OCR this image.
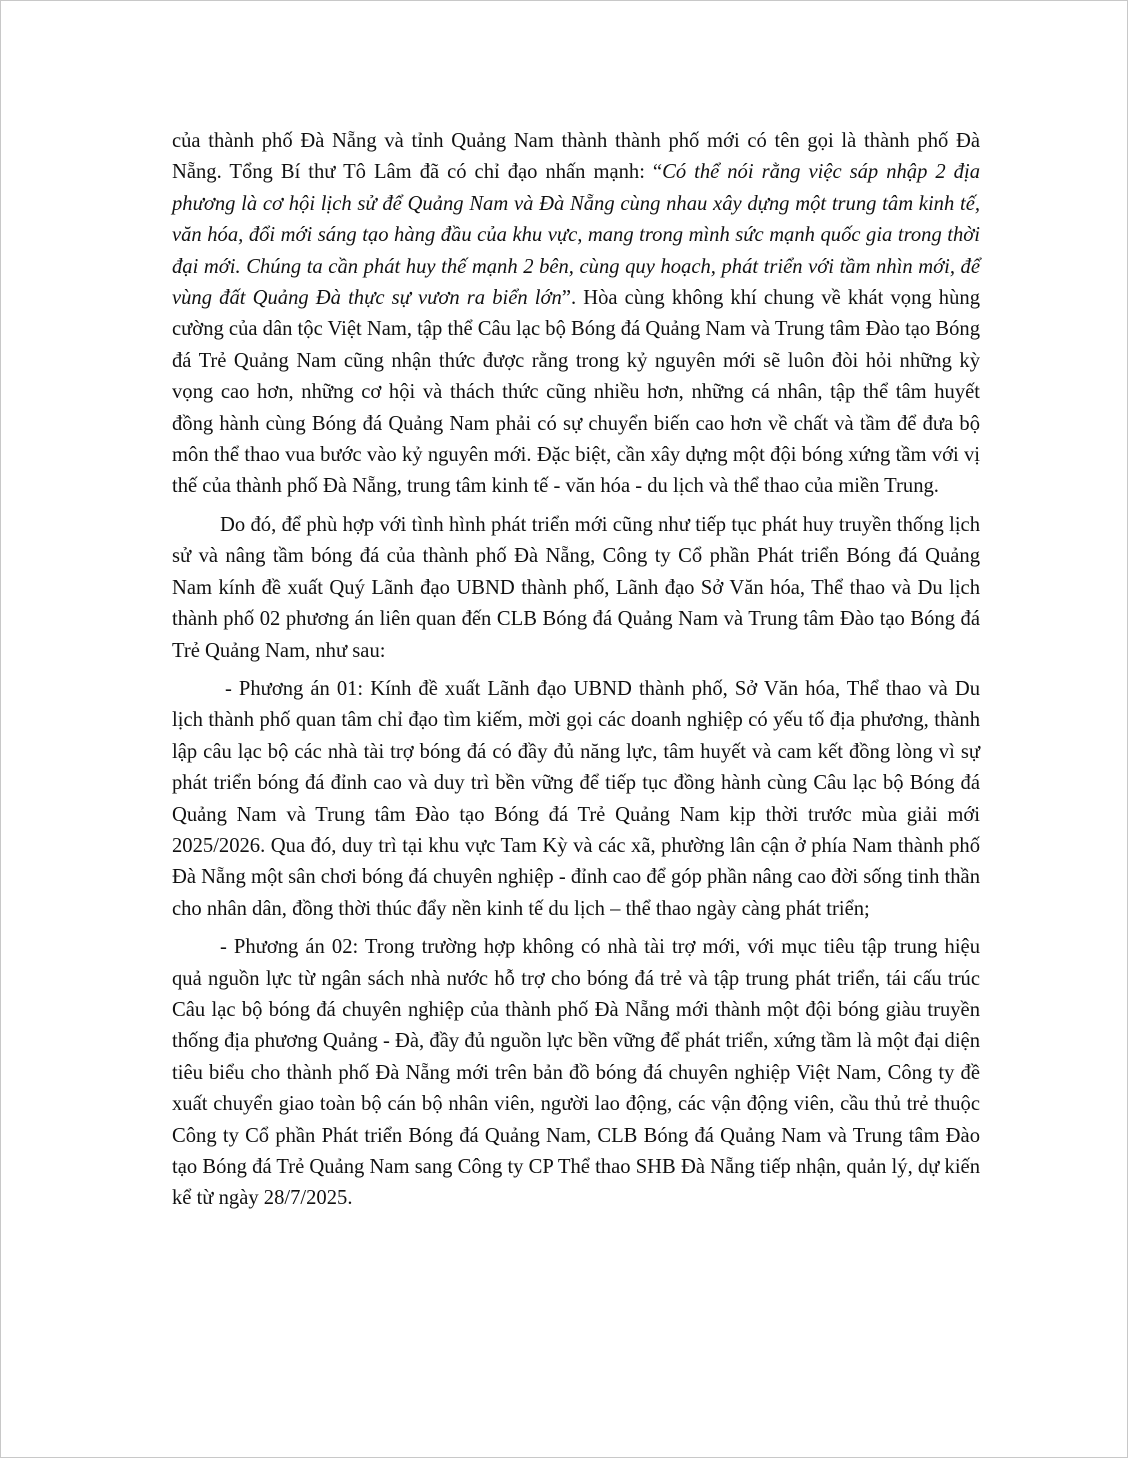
của thành phố Đà Nẵng và tỉnh Quảng Nam thành thành phố mới có tên gọi là thành phố Đà Nẵng. Tổng Bí thư Tô Lâm đã có chỉ đạo nhấn mạnh: “Có thể nói rằng việc sáp nhập 2 địa phương là cơ hội lịch sử để Quảng Nam và Đà Nẵng cùng nhau xây dựng một trung tâm kinh tế, văn hóa, đổi mới sáng tạo hàng đầu của khu vực, mang trong mình sức mạnh quốc gia trong thời đại mới. Chúng ta cần phát huy thế mạnh 2 bên, cùng quy hoạch, phát triển với tầm nhìn mới, để vùng đất Quảng Đà thực sự vươn ra biển lớn”. Hòa cùng không khí chung về khát vọng hùng cường của dân tộc Việt Nam, tập thể Câu lạc bộ Bóng đá Quảng Nam và Trung tâm Đào tạo Bóng đá Trẻ Quảng Nam cũng nhận thức được rằng trong kỷ nguyên mới sẽ luôn đòi hỏi những kỳ vọng cao hơn, những cơ hội và thách thức cũng nhiều hơn, những cá nhân, tập thể tâm huyết đồng hành cùng Bóng đá Quảng Nam phải có sự chuyển biến cao hơn về chất và tầm để đưa bộ môn thể thao vua bước vào kỷ nguyên mới. Đặc biệt, cần xây dựng một đội bóng xứng tầm với vị thế của thành phố Đà Nẵng, trung tâm kinh tế - văn hóa - du lịch và thể thao của miền Trung.

Do đó, để phù hợp với tình hình phát triển mới cũng như tiếp tục phát huy truyền thống lịch sử và nâng tầm bóng đá của thành phố Đà Nẵng, Công ty Cổ phần Phát triển Bóng đá Quảng Nam kính đề xuất Quý Lãnh đạo UBND thành phố, Lãnh đạo Sở Văn hóa, Thể thao và Du lịch thành phố 02 phương án liên quan đến CLB Bóng đá Quảng Nam và Trung tâm Đào tạo Bóng đá Trẻ Quảng Nam, như sau:

- Phương án 01: Kính đề xuất Lãnh đạo UBND thành phố, Sở Văn hóa, Thể thao và Du lịch thành phố quan tâm chỉ đạo tìm kiếm, mời gọi các doanh nghiệp có yếu tố địa phương, thành lập câu lạc bộ các nhà tài trợ bóng đá có đầy đủ năng lực, tâm huyết và cam kết đồng lòng vì sự phát triển bóng đá đỉnh cao và duy trì bền vững để tiếp tục đồng hành cùng Câu lạc bộ Bóng đá Quảng Nam và Trung tâm Đào tạo Bóng đá Trẻ Quảng Nam kịp thời trước mùa giải mới 2025/2026. Qua đó, duy trì tại khu vực Tam Kỳ và các xã, phường lân cận ở phía Nam thành phố Đà Nẵng một sân chơi bóng đá chuyên nghiệp - đỉnh cao để góp phần nâng cao đời sống tinh thần cho nhân dân, đồng thời thúc đẩy nền kinh tế du lịch – thể thao ngày càng phát triển;

- Phương án 02: Trong trường hợp không có nhà tài trợ mới, với mục tiêu tập trung hiệu quả nguồn lực từ ngân sách nhà nước hỗ trợ cho bóng đá trẻ và tập trung phát triển, tái cấu trúc Câu lạc bộ bóng đá chuyên nghiệp của thành phố Đà Nẵng mới thành một đội bóng giàu truyền thống địa phương Quảng - Đà, đầy đủ nguồn lực bền vững để phát triển, xứng tầm là một đại diện tiêu biểu cho thành phố Đà Nẵng mới trên bản đồ bóng đá chuyên nghiệp Việt Nam, Công ty đề xuất chuyển giao toàn bộ cán bộ nhân viên, người lao động, các vận động viên, cầu thủ trẻ thuộc Công ty Cổ phần Phát triển Bóng đá Quảng Nam, CLB Bóng đá Quảng Nam và Trung tâm Đào tạo Bóng đá Trẻ Quảng Nam sang Công ty CP Thể thao SHB Đà Nẵng tiếp nhận, quản lý, dự kiến kể từ ngày 28/7/2025.
